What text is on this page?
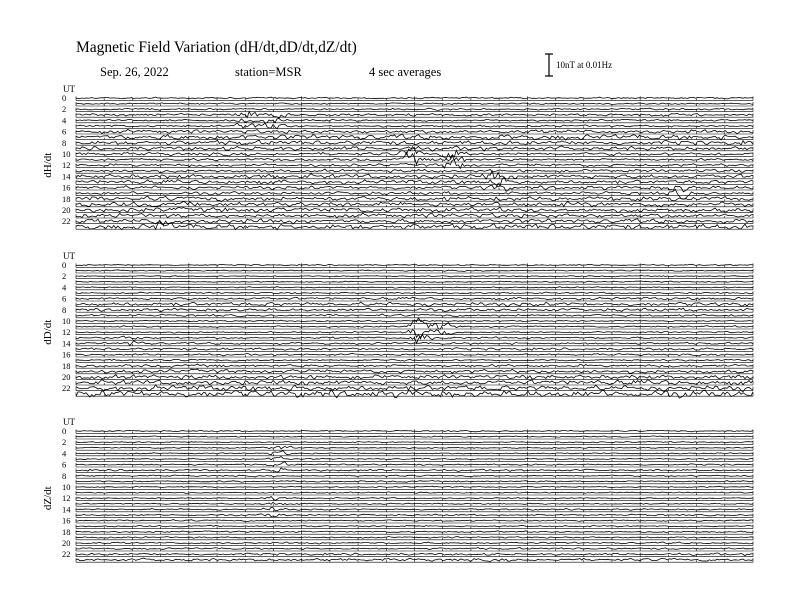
Magnetic Field Variation (dH/dt,dD/dt,dZ/dt)
Sep. 26, 2022	station=MSR	4 sec averages	10nT at 0.01Hz
UT
dH/dt
0
2
4
6
8
10
12
14
16
18
20
22
UT
dD/dt
0
2
4
6
8
10
12
14
16
18
20
22
UT
dZ/dt
0
2
4
6
8
10
12
14
16
18
20
22
